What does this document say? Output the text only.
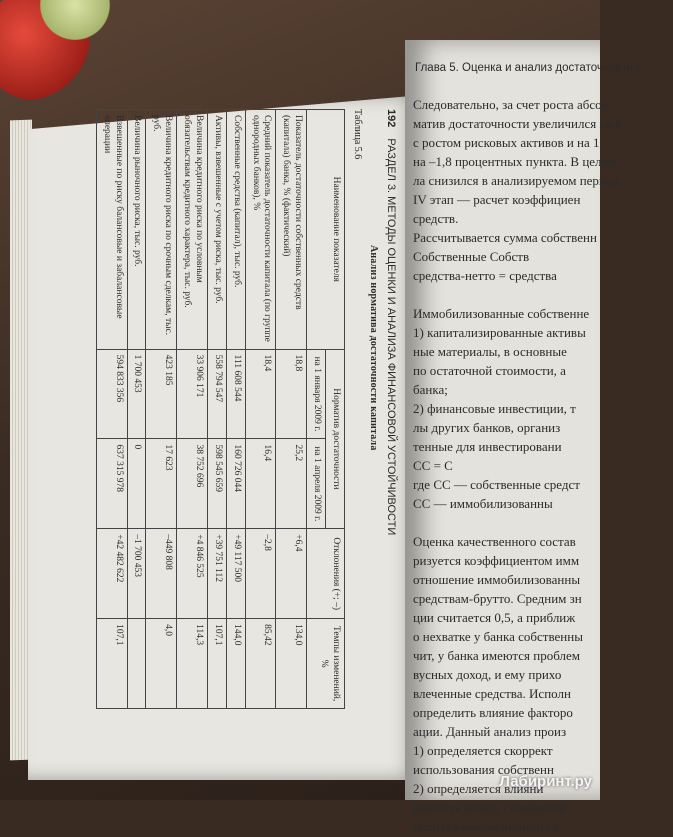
192 РАЗДЕЛ 3. МЕТОДЫ ОЦЕНКИ И АНАЛИЗА ФИНАНСОВОЙ УСТОЙЧИВОСТИ
Анализ норматива достаточности капитала
Таблица 5.6
Наименование показателя	Норматив достаточности		Отклонения (+; –)	Темпы изменений, %
	на 1 января 2009 г.	на 1 апреля 2009 г.		
Показатель достаточности собственных средств (капитала) банка, % (фактический)	18,8	25,2	+6,4	134,0
Средний показатель достаточности капитала (по группе однородных банков), %	18,4	16,4	–2,8	85,42
Собственные средства (капитал), тыс. руб.	111 608 544	160 726 044	+49 117 500	144,0
Активы, взвешенные с учетом риска, тыс. руб.	558 794 547	598 545 659	+39 751 112	107,1
Величина кредитного риска по условным обязательствам кредитного характера, тыс. руб.	33 906 171	38 752 696	+4 846 525	114,3
Величина кредитного риска по срочным сделкам, тыс. руб.	423 185	17 623	–449 808	4,0
Величина рыночного риска, тыс. руб.	1 700 453	0	–1 700 453	
Взвешенные по риску балансовые и забалансовые операции	594 833 356	637 315 978	+42 482 622	107,1
Глава 5. Оценка и анализ достаточности с
Следовательно, за счет роста абсол
матив достаточности увеличился на 8
с ростом рисковых активов и на 1,
на –1,8 процентных пункта. В целом
ла снизился в анализируемом период
IV этап — расчет коэффициен
средств.
Рассчитывается сумма собственн
Собственные Собств
средства-нетто = средства
Иммобилизованные собственне
1) капитализированные активы
ные материалы, в основные
по остаточной стоимости, а
банка;
2) финансовые инвестиции, т
лы других банков, организ
тенные для инвестировани
СС = С
где СС — собственные средст
СС — иммобилизованны
Оценка качественного состав
ризуется коэффициентом имм
отношение иммобилизованны
средствам-брутто. Средним зн
ции считается 0,5, а приближ
о нехватке у банка собственны
чит, у банка имеются проблем
вусных доход, и ему прихо
влеченные средства. Исполн
определить влияние факторо
ации. Данный анализ произ
1) определяется скоррект
использования собственн
2) определяется влияни
разность между скорректир
циента иммобилизации на
Лабиринт.ру
